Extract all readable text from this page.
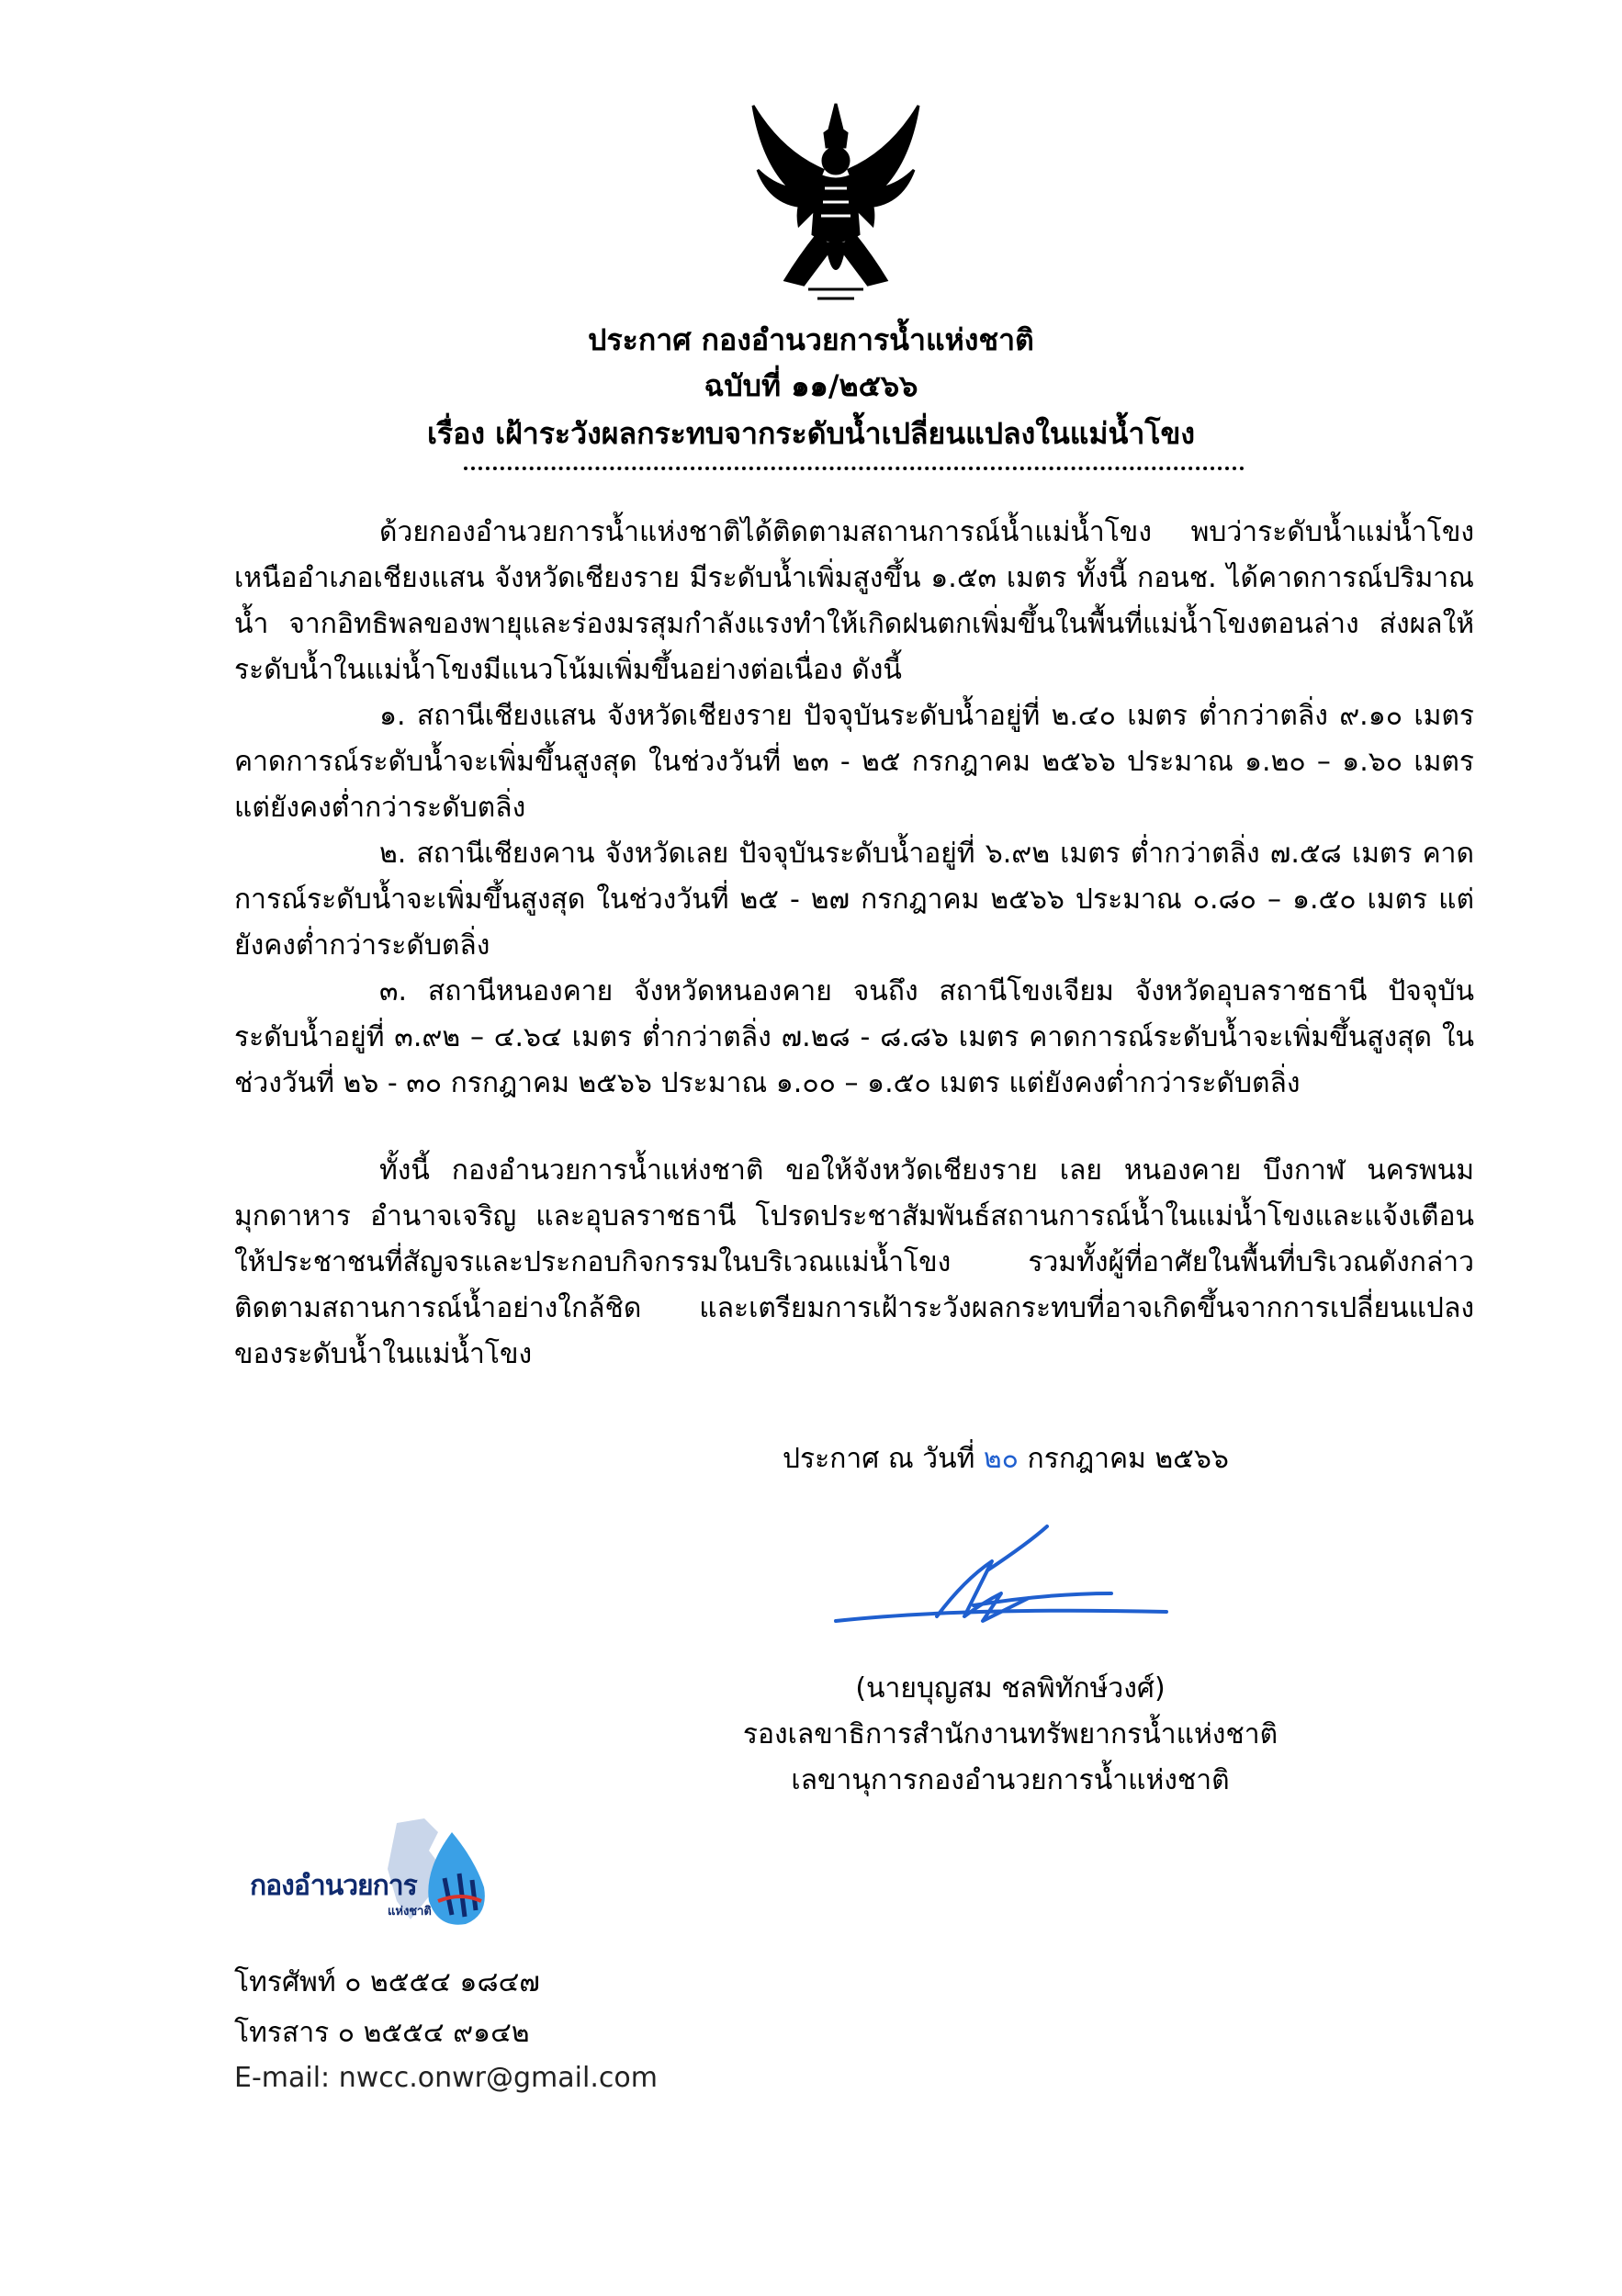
ประกาศ กองอำนวยการน้ำแห่งชาติ
ฉบับที่ ๑๑/๒๕๖๖
เรื่อง เฝ้าระวังผลกระทบจากระดับน้ำเปลี่ยนแปลงในแม่น้ำโขง

ด้วยกองอำนวยการน้ำแห่งชาติได้ติดตามสถานการณ์น้ำแม่น้ำโขง พบว่าระดับน้ำแม่น้ำโขง เหนืออำเภอเชียงแสน จังหวัดเชียงราย มีระดับน้ำเพิ่มสูงขึ้น ๑.๕๓ เมตร ทั้งนี้ กอนช. ได้คาดการณ์ปริมาณน้ำ จากอิทธิพลของพายุและร่องมรสุมกำลังแรงทำให้เกิดฝนตกเพิ่มขึ้นในพื้นที่แม่น้ำโขงตอนล่าง ส่งผลให้ระดับน้ำในแม่น้ำโขงมีแนวโน้มเพิ่มขึ้นอย่างต่อเนื่อง ดังนี้

๑. สถานีเชียงแสน จังหวัดเชียงราย ปัจจุบันระดับน้ำอยู่ที่ ๒.๔๐ เมตร ต่ำกว่าตลิ่ง ๙.๑๐ เมตร คาดการณ์ระดับน้ำจะเพิ่มขึ้นสูงสุด ในช่วงวันที่ ๒๓ - ๒๕ กรกฎาคม ๒๕๖๖ ประมาณ ๑.๒๐ – ๑.๖๐ เมตร แต่ยังคงต่ำกว่าระดับตลิ่ง

๒. สถานีเชียงคาน จังหวัดเลย ปัจจุบันระดับน้ำอยู่ที่ ๖.๙๒ เมตร ต่ำกว่าตลิ่ง ๗.๕๘ เมตร คาดการณ์ระดับน้ำจะเพิ่มขึ้นสูงสุด ในช่วงวันที่ ๒๕ - ๒๗ กรกฎาคม ๒๕๖๖ ประมาณ ๐.๘๐ – ๑.๕๐ เมตร แต่ยังคงต่ำกว่าระดับตลิ่ง

๓. สถานีหนองคาย จังหวัดหนองคาย จนถึง สถานีโขงเจียม จังหวัดอุบลราชธานี ปัจจุบัน ระดับน้ำอยู่ที่ ๓.๙๒ – ๔.๖๔ เมตร ต่ำกว่าตลิ่ง ๗.๒๘ - ๘.๘๖ เมตร คาดการณ์ระดับน้ำจะเพิ่มขึ้นสูงสุด ในช่วงวันที่ ๒๖ - ๓๐ กรกฎาคม ๒๕๖๖ ประมาณ ๑.๐๐ – ๑.๕๐ เมตร แต่ยังคงต่ำกว่าระดับตลิ่ง

ทั้งนี้ กองอำนวยการน้ำแห่งชาติ ขอให้จังหวัดเชียงราย เลย หนองคาย บึงกาฬ นครพนม มุกดาหาร อำนาจเจริญ และอุบลราชธานี โปรดประชาสัมพันธ์สถานการณ์น้ำในแม่น้ำโขงและแจ้งเตือน ให้ประชาชนที่สัญจรและประกอบกิจกรรมในบริเวณแม่น้ำโขง รวมทั้งผู้ที่อาศัยในพื้นที่บริเวณดังกล่าว ติดตามสถานการณ์น้ำอย่างใกล้ชิด และเตรียมการเฝ้าระวังผลกระทบที่อาจเกิดขึ้นจากการเปลี่ยนแปลง ของระดับน้ำในแม่น้ำโขง

ประกาศ ณ วันที่ ๒๐ กรกฎาคม ๒๕๖๖
(นายบุญสม ชลพิทักษ์วงศ์)
รองเลขาธิการสำนักงานทรัพยากรน้ำแห่งชาติ
เลขานุการกองอำนวยการน้ำแห่งชาติ
กองอำนวยการ
แห่งชาติ
โทรศัพท์ ๐ ๒๕๕๔ ๑๘๔๗
โทรสาร ๐ ๒๕๕๔ ๙๑๔๒
E-mail: nwcc.onwr@gmail.com
